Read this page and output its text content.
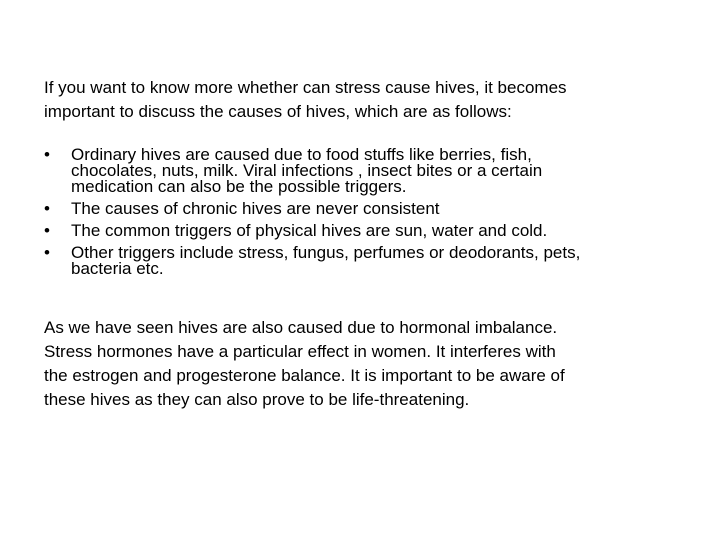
If you want to know more whether can stress cause hives, it becomes
important to discuss the causes of hives, which are as follows:

•	Ordinary hives are caused due to food stuffs like berries, fish,
chocolates, nuts, milk. Viral infections , insect bites or a certain
medication can also be the possible triggers.
•	The causes of chronic hives are never consistent
•	The common triggers of physical hives are sun, water and cold.
•	Other triggers include stress, fungus, perfumes or deodorants, pets,
bacteria etc.

As we have seen hives are also caused due to hormonal imbalance.
Stress hormones have a particular effect in women. It interferes with
the estrogen and progesterone balance. It is important to be aware of
these hives as they can also prove to be life-threatening.
